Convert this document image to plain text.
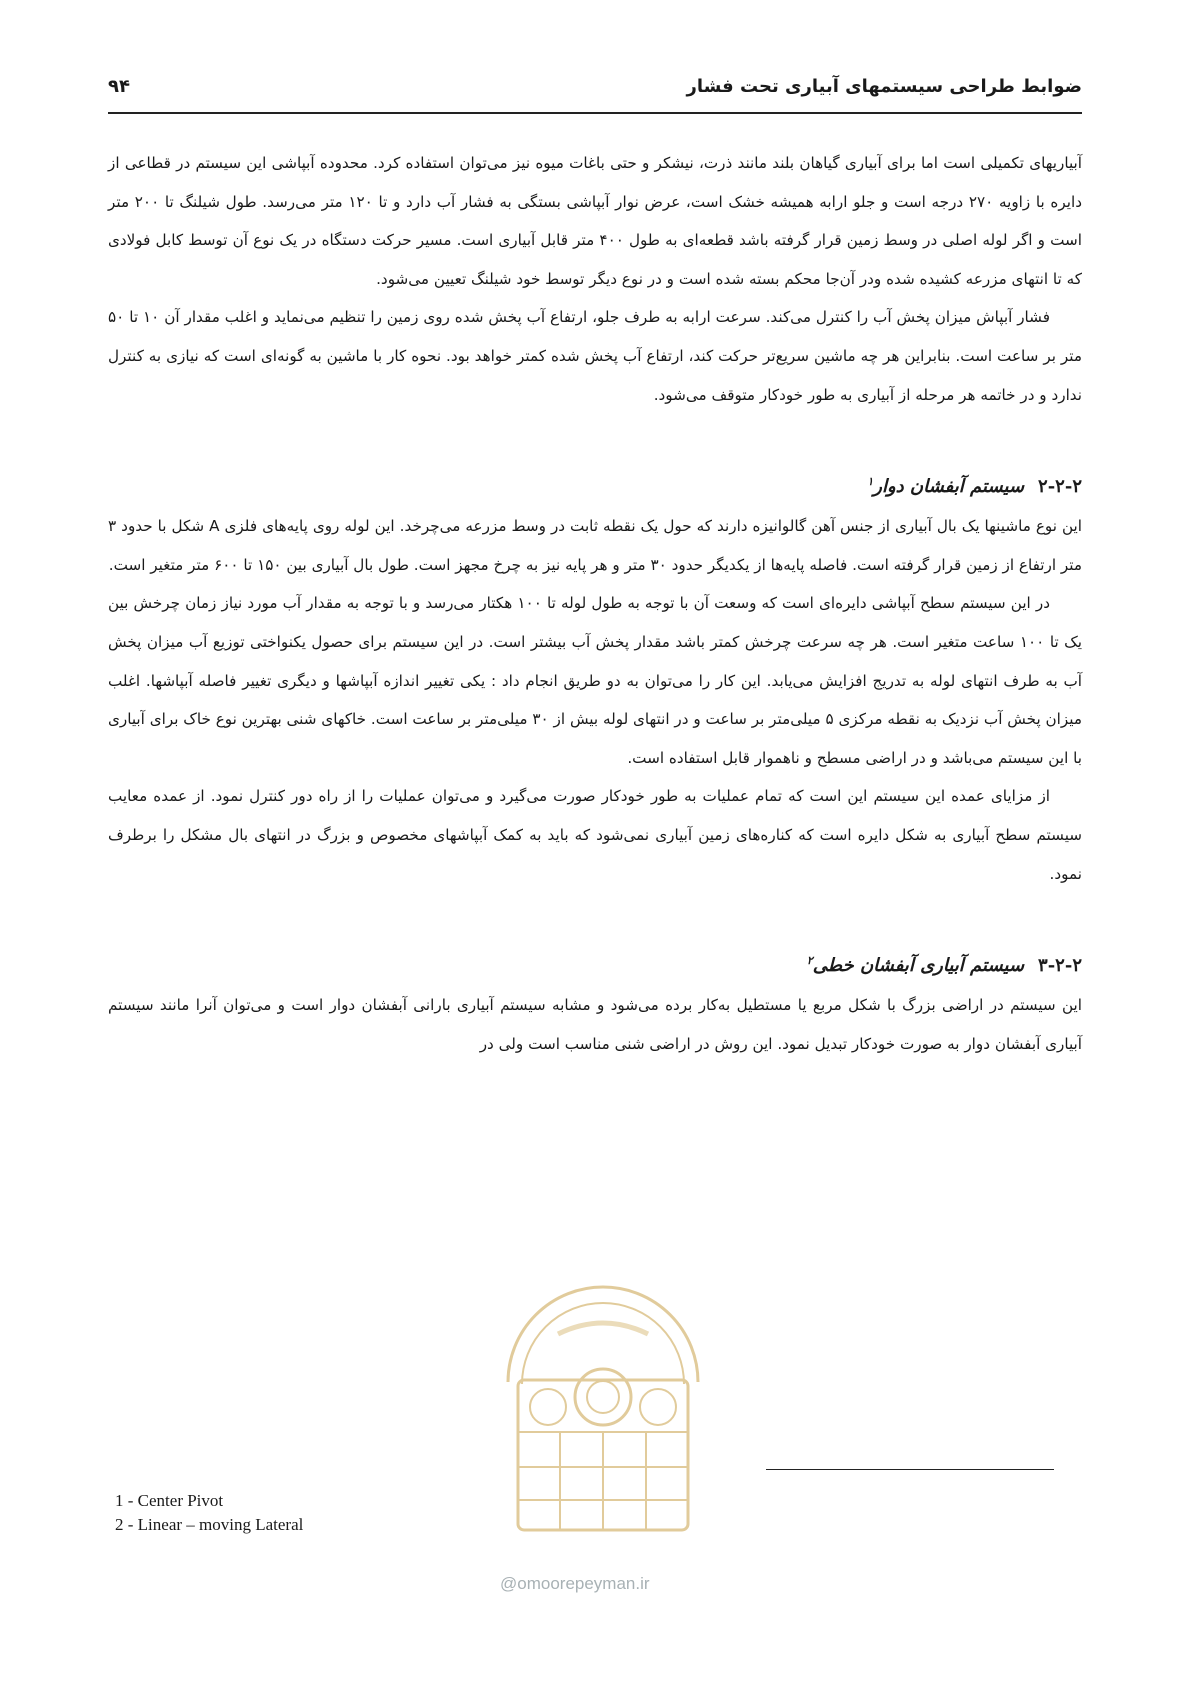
ضوابط طراحی سیستمهای آبیاری تحت فشار
۹۴

آبیاریهای تکمیلی است اما برای آبیاری گیاهان بلند مانند ذرت، نیشکر و حتی باغات میوه نیز می‌توان استفاده کرد. محدوده آبپاشی این سیستم در قطاعی از دایره با زاویه ۲۷۰ درجه است و جلو ارابه همیشه خشک است، عرض نوار آبپاشی بستگی به فشار آب دارد و تا ۱۲۰ متر می‌رسد. طول شیلنگ تا ۲۰۰ متر است و اگر لوله اصلی در وسط زمین قرار گرفته باشد قطعه‌ای به طول ۴۰۰ متر قابل آبیاری است. مسیر حرکت دستگاه در یک نوع آن توسط کابل فولادی که تا انتهای مزرعه کشیده شده ودر آن‌جا محکم بسته شده است و در نوع دیگر توسط خود شیلنگ تعیین می‌شود.

فشار آبپاش میزان پخش آب را کنترل می‌کند. سرعت ارابه به طرف جلو، ارتفاع آب پخش شده روی زمین را تنظیم می‌نماید و اغلب مقدار آن ۱۰ تا ۵۰ متر بر ساعت است. بنابراین هر چه ماشین سریع‌تر حرکت کند، ارتفاع آب پخش شده کمتر خواهد بود. نحوه کار با ماشین به گونه‌ای است که نیازی به کنترل ندارد و در خاتمه هر مرحله از آبیاری به طور خودکار متوقف می‌شود.

۲-۲-۲سیستم آبفشان دوار$^۱$

این نوع ماشینها یک بال آبیاری از جنس آهن گالوانیزه دارند که حول یک نقطه ثابت در وسط مزرعه می‌چرخد. این لوله روی پایه‌های فلزی A شکل با حدود ۳ متر ارتفاع از زمین قرار گرفته است. فاصله پایه‌ها از یکدیگر حدود ۳۰ متر و هر پایه نیز به چرخ مجهز است. طول بال آبیاری بین ۱۵۰ تا ۶۰۰ متر متغیر است.

در این سیستم سطح آبپاشی دایره‌ای است که وسعت آن با توجه به طول لوله تا ۱۰۰ هکتار می‌رسد و با توجه به مقدار آب مورد نیاز زمان چرخش بین یک تا ۱۰۰ ساعت متغیر است. هر چه سرعت چرخش کمتر باشد مقدار پخش آب بیشتر است. در این سیستم برای حصول یکنواختی توزیع آب میزان پخش آب به طرف انتهای لوله به تدریج افزایش می‌یابد. این کار را می‌توان به دو طریق انجام داد : یکی تغییر اندازه آبپاشها و دیگری تغییر فاصله آبپاشها. اغلب میزان پخش آب نزدیک به نقطه مرکزی ۵ میلی‌متر بر ساعت و در انتهای لوله بیش از ۳۰ میلی‌متر بر ساعت است. خاکهای شنی بهترین نوع خاک برای آبیاری با این سیستم می‌باشد و در اراضی مسطح و ناهموار قابل استفاده است.

از مزایای عمده این سیستم این است که تمام عملیات به طور خودکار صورت می‌گیرد و می‌توان عملیات را از راه دور کنترل نمود. از عمده معایب سیستم سطح آبیاری به شکل دایره است که کناره‌های زمین آبیاری نمی‌شود که باید به کمک آبپاشهای مخصوص و بزرگ در انتهای بال مشکل را برطرف نمود.

۳-۲-۲سیستم آبیاری آبفشان خطی$^۲$

این سیستم در اراضی بزرگ با شکل مربع یا مستطیل به‌کار برده می‌شود و مشابه سیستم آبیاری بارانی آبفشان دوار است و می‌توان آنرا مانند سیستم آبیاری آبفشان دوار به صورت خودکار تبدیل نمود. این روش در اراضی شنی مناسب است ولی در

@omoorepeyman.ir
1 - Center Pivot
2 - Linear – moving Lateral
